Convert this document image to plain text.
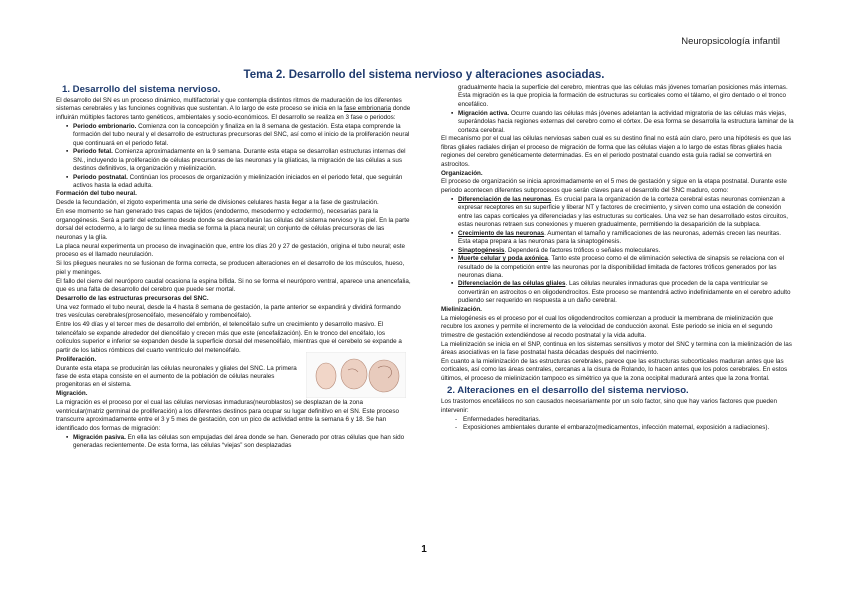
Neuropsicología infantil
Tema 2. Desarrollo del sistema nervioso y alteraciones asociadas.
1. Desarrollo del sistema nervioso.

El desarrollo del SN es un proceso dinámico, multifactorial y que contempla distintos ritmos de maduración de los diferentes sistemas cerebrales y las funciones cognitivas que sustentan. A lo largo de este proceso se inicia en la fase embrionaria donde influirán múltiples factores tanto genéticos, ambientales y socio-económicos. El desarrollo se realiza en 3 fase o periodos:

▪ Periodo embrionario. Comienza con la concepción y finaliza en la 8 semana de gestación. Esta etapa comprende la formación del tubo neural y el desarrollo de estructuras precursoras del SNC, así como el inicio de la proliferación neural que continuará en el periodo fetal.
▪ Periodo fetal. Comienza aproximadamente en la 9 semana. Durante esta etapa se desarrollan estructuras internas del SN., incluyendo la proliferación de células precursoras de las neuronas y la glíaticas, la migración de las células a sus destinos definitivos, la organización y mielinización.
▪ Periodo postnatal. Continúan los procesos de organización y mielinización iniciados en el periodo fetal, que seguirán activos hasta la edad adulta.

Formación del tubo neural.

Desde la fecundación, el zigoto experimenta una serie de divisiones celulares hasta llegar a la fase de gastrulación.

En ese momento se han generado tres capas de tejidos (endodermo, mesodermo y ectodermo), necesarias para la organogénesis. Será a partir del ectodermo desde donde se desarrollarán las células del sistema nervioso y la piel. En la parte dorsal del ectodermo, a lo largo de su línea media se forma la placa neural; un conjunto de células precursoras de las neuronas y la glía.

La placa neural experimenta un proceso de invaginación que, entre los días 20 y 27 de gestación, origina el tubo neural; este proceso es el llamado neurulación.

Si los pliegues neurales no se fusionan de forma correcta, se producen alteraciones en el desarrollo de los músculos, hueso, piel y meninges.

El fallo del cierre del neuróporo caudal ocasiona la espina bífida. Si no se forma el neuróporo ventral, aparece una anencefalia, que es una falta de desarrollo del cerebro que puede ser mortal.

Desarrollo de las estructuras precursoras del SNC.

Una vez formado el tubo neural, desde la 4 hasta 8 semana de gestación, la parte anterior se expandirá y dividirá formando tres vesículas cerebrales(prosencéfalo, mesencéfalo y rombencéfalo).

Entre los 49 días y el tercer mes de desarrollo del embrión, el telencéfalo sufre un crecimiento y desarrollo masivo. El telencéfalo se expande alrededor del diencéfalo y crecen más que este (encefalización). En le tronco del encéfalo, los colículos superior e inferior se expanden desde la superficie dorsal del mesencéfalo, mientras que el cerebelo se expande a partir de los labios rómbicos del cuarto ventrículo del metencéfalo.

Proliferación.

Durante esta etapa se producirán las células neuronales y gliales del SNC. La primera fase de esta etapa consiste en el aumento de la población de células neurales progenitoras en el sistema.

Migración.

La migración es el proceso por el cual las células nerviosas inmaduras(neuroblastos) se desplazan de la zona ventricular(matriz germinal de proliferación) a los diferentes destinos para ocupar su lugar definitivo en el SN. Este proceso transcurre aproximadamente entre el 3 y 5 mes de gestación, con un pico de actividad entre la semana 6 y 18. Se han identificado dos formas de migración:

▪ Migración pasiva. En ella las células son empujadas del área donde se han. Generado por otras células que han sido generadas recientemente. De esta forma, las células “viejas” son desplazadas

gradualmente hacia la superficie del cerebro, mientras que las células más jóvenes tomarían posiciones más internas. Esta migración es la que propicia la formación de estructuras su corticales como el tálamo, el giro dentado o el tronco encefálico.

▪ Migración activa. Ocurre cuando las células más jóvenes adelantan la actividad migratoria de las células más viejas, superándolas hacia regiones externas del cerebro como el córtex. De esa forma se desarrolla la estructura laminar de la corteza cerebral.

El mecanismo por el cual las células nerviosas saben cual es su destino final no está aún claro, pero una hipótesis es que las fibras gliales radiales dirijan el proceso de migración de forma que las células viajen a lo largo de estas fibras gliales hacia regiones del cerebro genéticamente determinadas. Es en el periodo postnatal cuando esta guía radial se convertirá en astrocitos.

Organización.

El proceso de organización se inicia aproximadamente en el 5 mes de gestación y sigue en la etapa postnatal. Durante este periodo acontecen diferentes subprocesos que serán claves para el desarrollo del SNC maduro, como:

▪ Diferenciación de las neuronas. Es crucial para la organización de la corteza cerebral estas neuronas comienzan a expresar receptores en su superficie y liberar NT y factores de crecimiento, y sirven como una estación de conexión entre las capas corticales ya diferenciadas y las estructuras su corticales. Una vez se han desarrollado estos circuitos, estas neuronas retraen sus conexiones y mueren gradualmente, permitiendo la desaparición de la subplaca.
▪ Crecimiento de las neuronas. Aumentan el tamaño y ramificaciones de las neuronas, además crecen las neuritas. Esta etapa prepara a las neuronas para la sinaptogénesis.
▪ Sinaptogénesis. Dependerá de factores tróficos o señales moleculares.
▪ Muerte celular y poda axónica. Tanto este proceso como el de eliminación selectiva de sinapsis se relaciona con el resultado de la competición entre las neuronas por la disponibilidad limitada de factores tróficos generados por las neuronas diana.
▪ Diferenciación de las células gliales. Las células neurales inmaduras que proceden de la capa ventricular se convertirán en astrocitos o en oligodendrocitos. Este proceso se mantendrá activo indefinidamente en el cerebro adulto pudiendo ser requerido en respuesta a un daño cerebral.

Mielinización.

La mielogénesis es el proceso por el cual los oligodendrocitos comienzan a producir la membrana de mielinización que recubre los axones y permite el incremento de la velocidad de conducción axonal. Este periodo se inicia en el segundo trimestre de gestación extendiéndose al recodo postnatal y la vida adulta.

La mielinización se inicia en el SNP, continua en los sistemas sensitivos y motor del SNC y termina con la mielinización de las áreas asociativas en la fase postnatal hasta décadas después del nacimiento.

En cuanto a la mielinización de las estructuras cerebrales, parece que las estructuras subcorticales maduran antes que las corticales, así como las áreas centrales, cercanas a la cisura de Rolando, lo hacen antes que los polos cerebrales. En estos últimos, el proceso de mielinización tampoco es simétrico ya que la zona occipital madurará antes que la zona frontal.

2. Alteraciones en el desarrollo del sistema nervioso.

Los trastornos encefálicos no son causados necesariamente por un solo factor, sino que hay varios factores que pueden intervenir:

- Enfermedades hereditarias.
- Exposiciones ambientales durante el embarazo(medicamentos, infección maternal, exposición a radiaciones).
1
